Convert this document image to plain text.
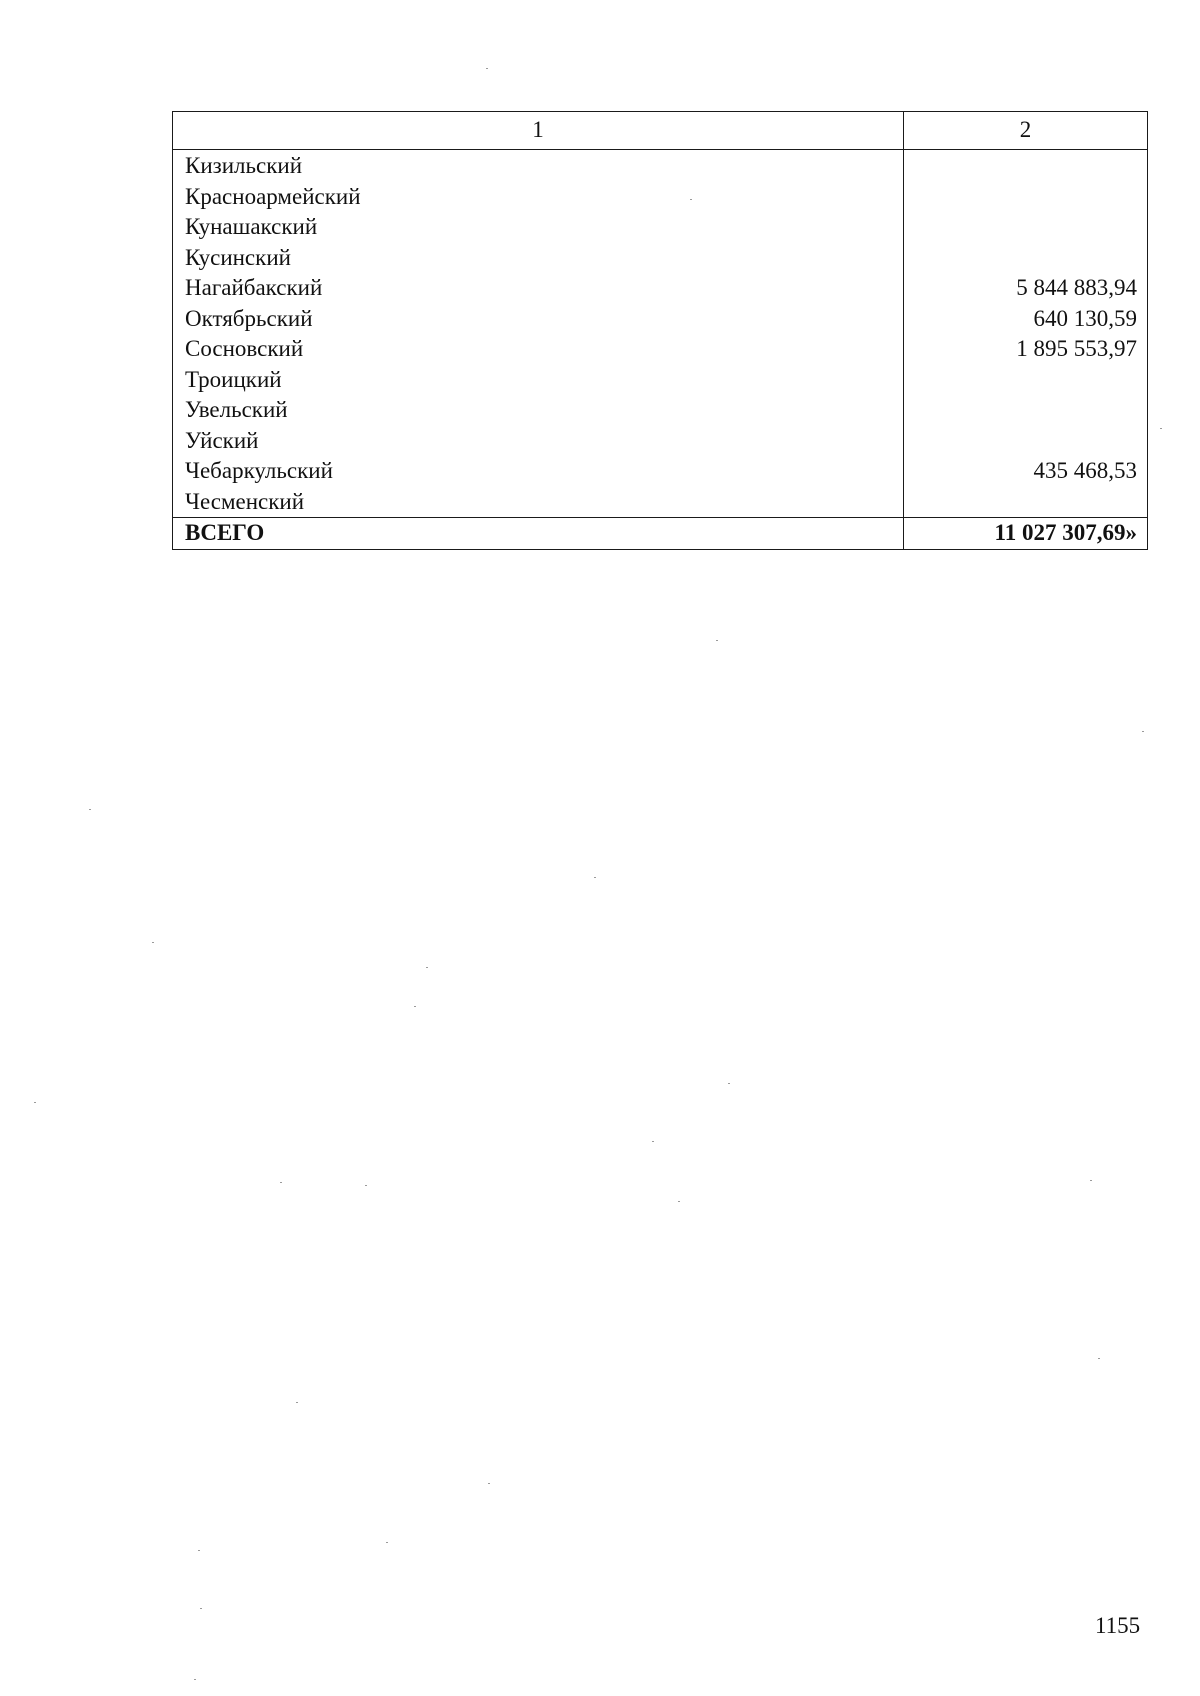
1	2
Кизильский	
Красноармейский	
Кунашакский	
Кусинский	
Нагайбакский	5 844 883,94
Октябрьский	640 130,59
Сосновский	1 895 553,97
Троицкий	
Увельский	
Уйский	
Чебаркульский	435 468,53
Чесменский	
ВСЕГО	11 027 307,69»
1155
